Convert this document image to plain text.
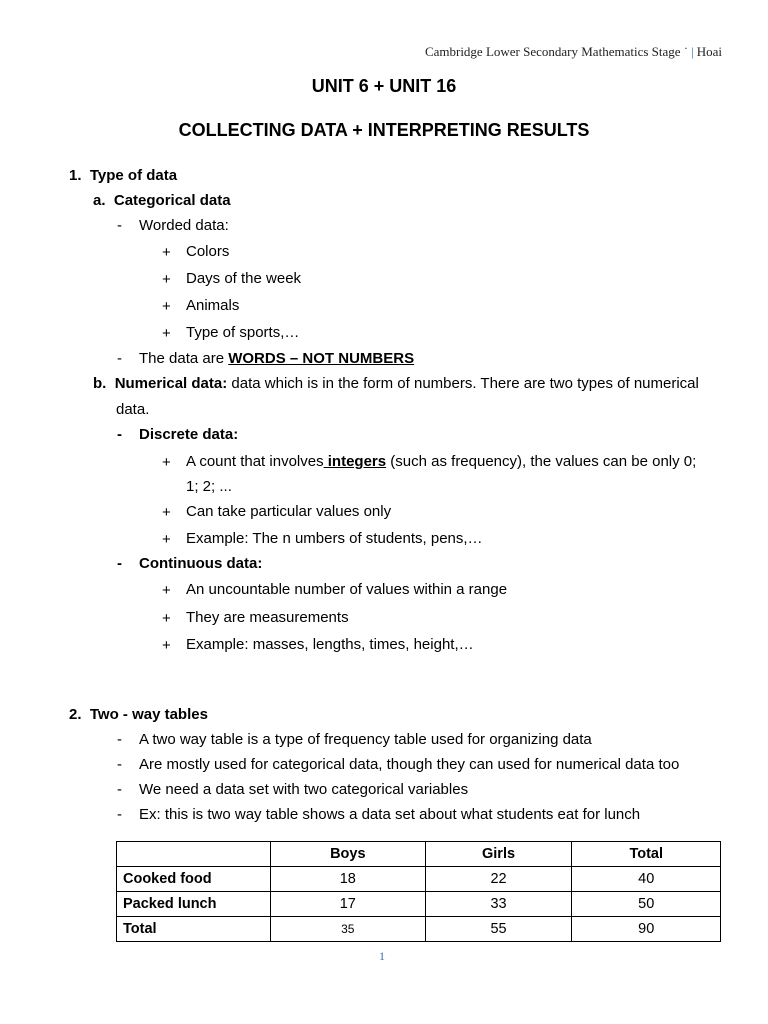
Cambridge Lower Secondary Mathematics Stage ˙ | Hoai
UNIT 6 + UNIT 16
COLLECTING DATA + INTERPRETING RESULTS
1. Type of data
a. Categorical data
- Worded data:
+ Colors
+ Days of the week
+ Animals
+ Type of sports,…
- The data are WORDS – NOT NUMBERS
b. Numerical data: data which is in the form of numbers. There are two types of numerical
data.
- Discrete data:
+ A count that involves integers (such as frequency), the values can be only 0;
1; 2; ...
+ Can take particular values only
+ Example: The n umbers of students, pens,…
- Continuous data:
+ An uncountable number of values within a range
+ They are measurements
+ Example: masses, lengths, times, height,…
2. Two - way tables
- A two way table is a type of frequency table used for organizing data
- Are mostly used for categorical data, though they can used for numerical data too
- We need a data set with two categorical variables
- Ex: this is two way table shows a data set about what students eat for lunch
	Boys	Girls	Total
Cooked food	18	22	40
Packed lunch	17	33	50
Total	35	55	90
1
